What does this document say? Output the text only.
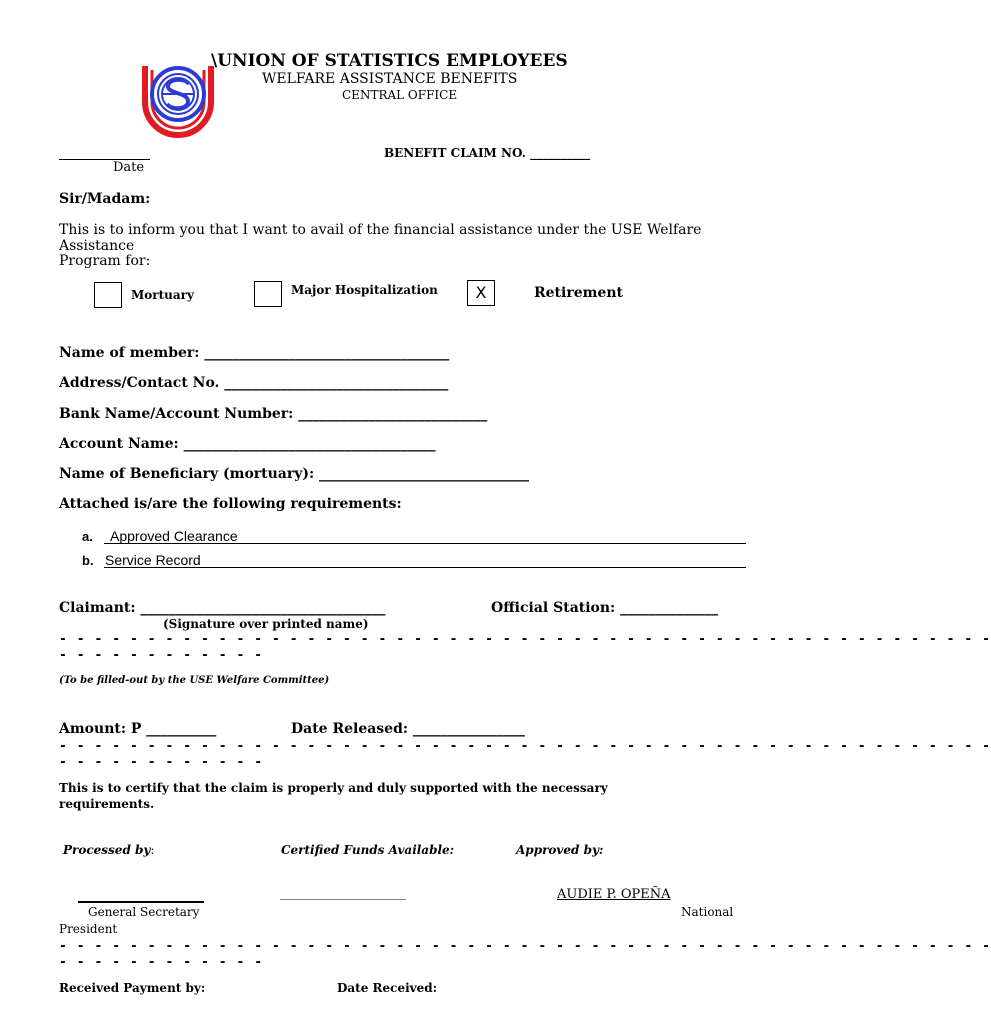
\UNION OF STATISTICS EMPLOYEES
WELFARE ASSISTANCE BENEFITS
CENTRAL OFFICE
Date
BENEFIT CLAIM NO. __________
Sir/Madam:
This is to inform you that I want to avail of the financial assistance under the USE Welfare
Assistance
Program for:
Mortuary	Major Hospitalization	X	Retirement
Name of member: ___________________________________
Address/Contact No. ________________________________
Bank Name/Account Number: ___________________________
Account Name: ____________________________________
Name of Beneficiary (mortuary): ______________________________
Attached is/are the following requirements:
a. Approved Clearance
b. Service Record
Claimant: ___________________________________
(Signature over printed name)
Official Station: ______________
- - - - - - - - - - - - - - - - - - - - - - - - - - - - - - - - - - - - - - - - - - - - - - - - - - - - -
- - - - - - - - - - - -
(To be filled-out by the USE Welfare Committee)
Amount: P __________	Date Released: ________________
- - - - - - - - - - - - - - - - - - - - - - - - - - - - - - - - - - - - - - - - - - - - - - - - - - - - -
- - - - - - - - - - - -
This is to certify that the claim is properly and duly supported with the necessary
requirements.
Processed by:	Certified Funds Available:	Approved by:
_____________________	AUDIE P. OPEÑA
General Secretary	National
President
- - - - - - - - - - - - - - - - - - - - - - - - - - - - - - - - - - - - - - - - - - - - - - - - - - - - -
- - - - - - - - - - - -
Received Payment by:	Date Received:
